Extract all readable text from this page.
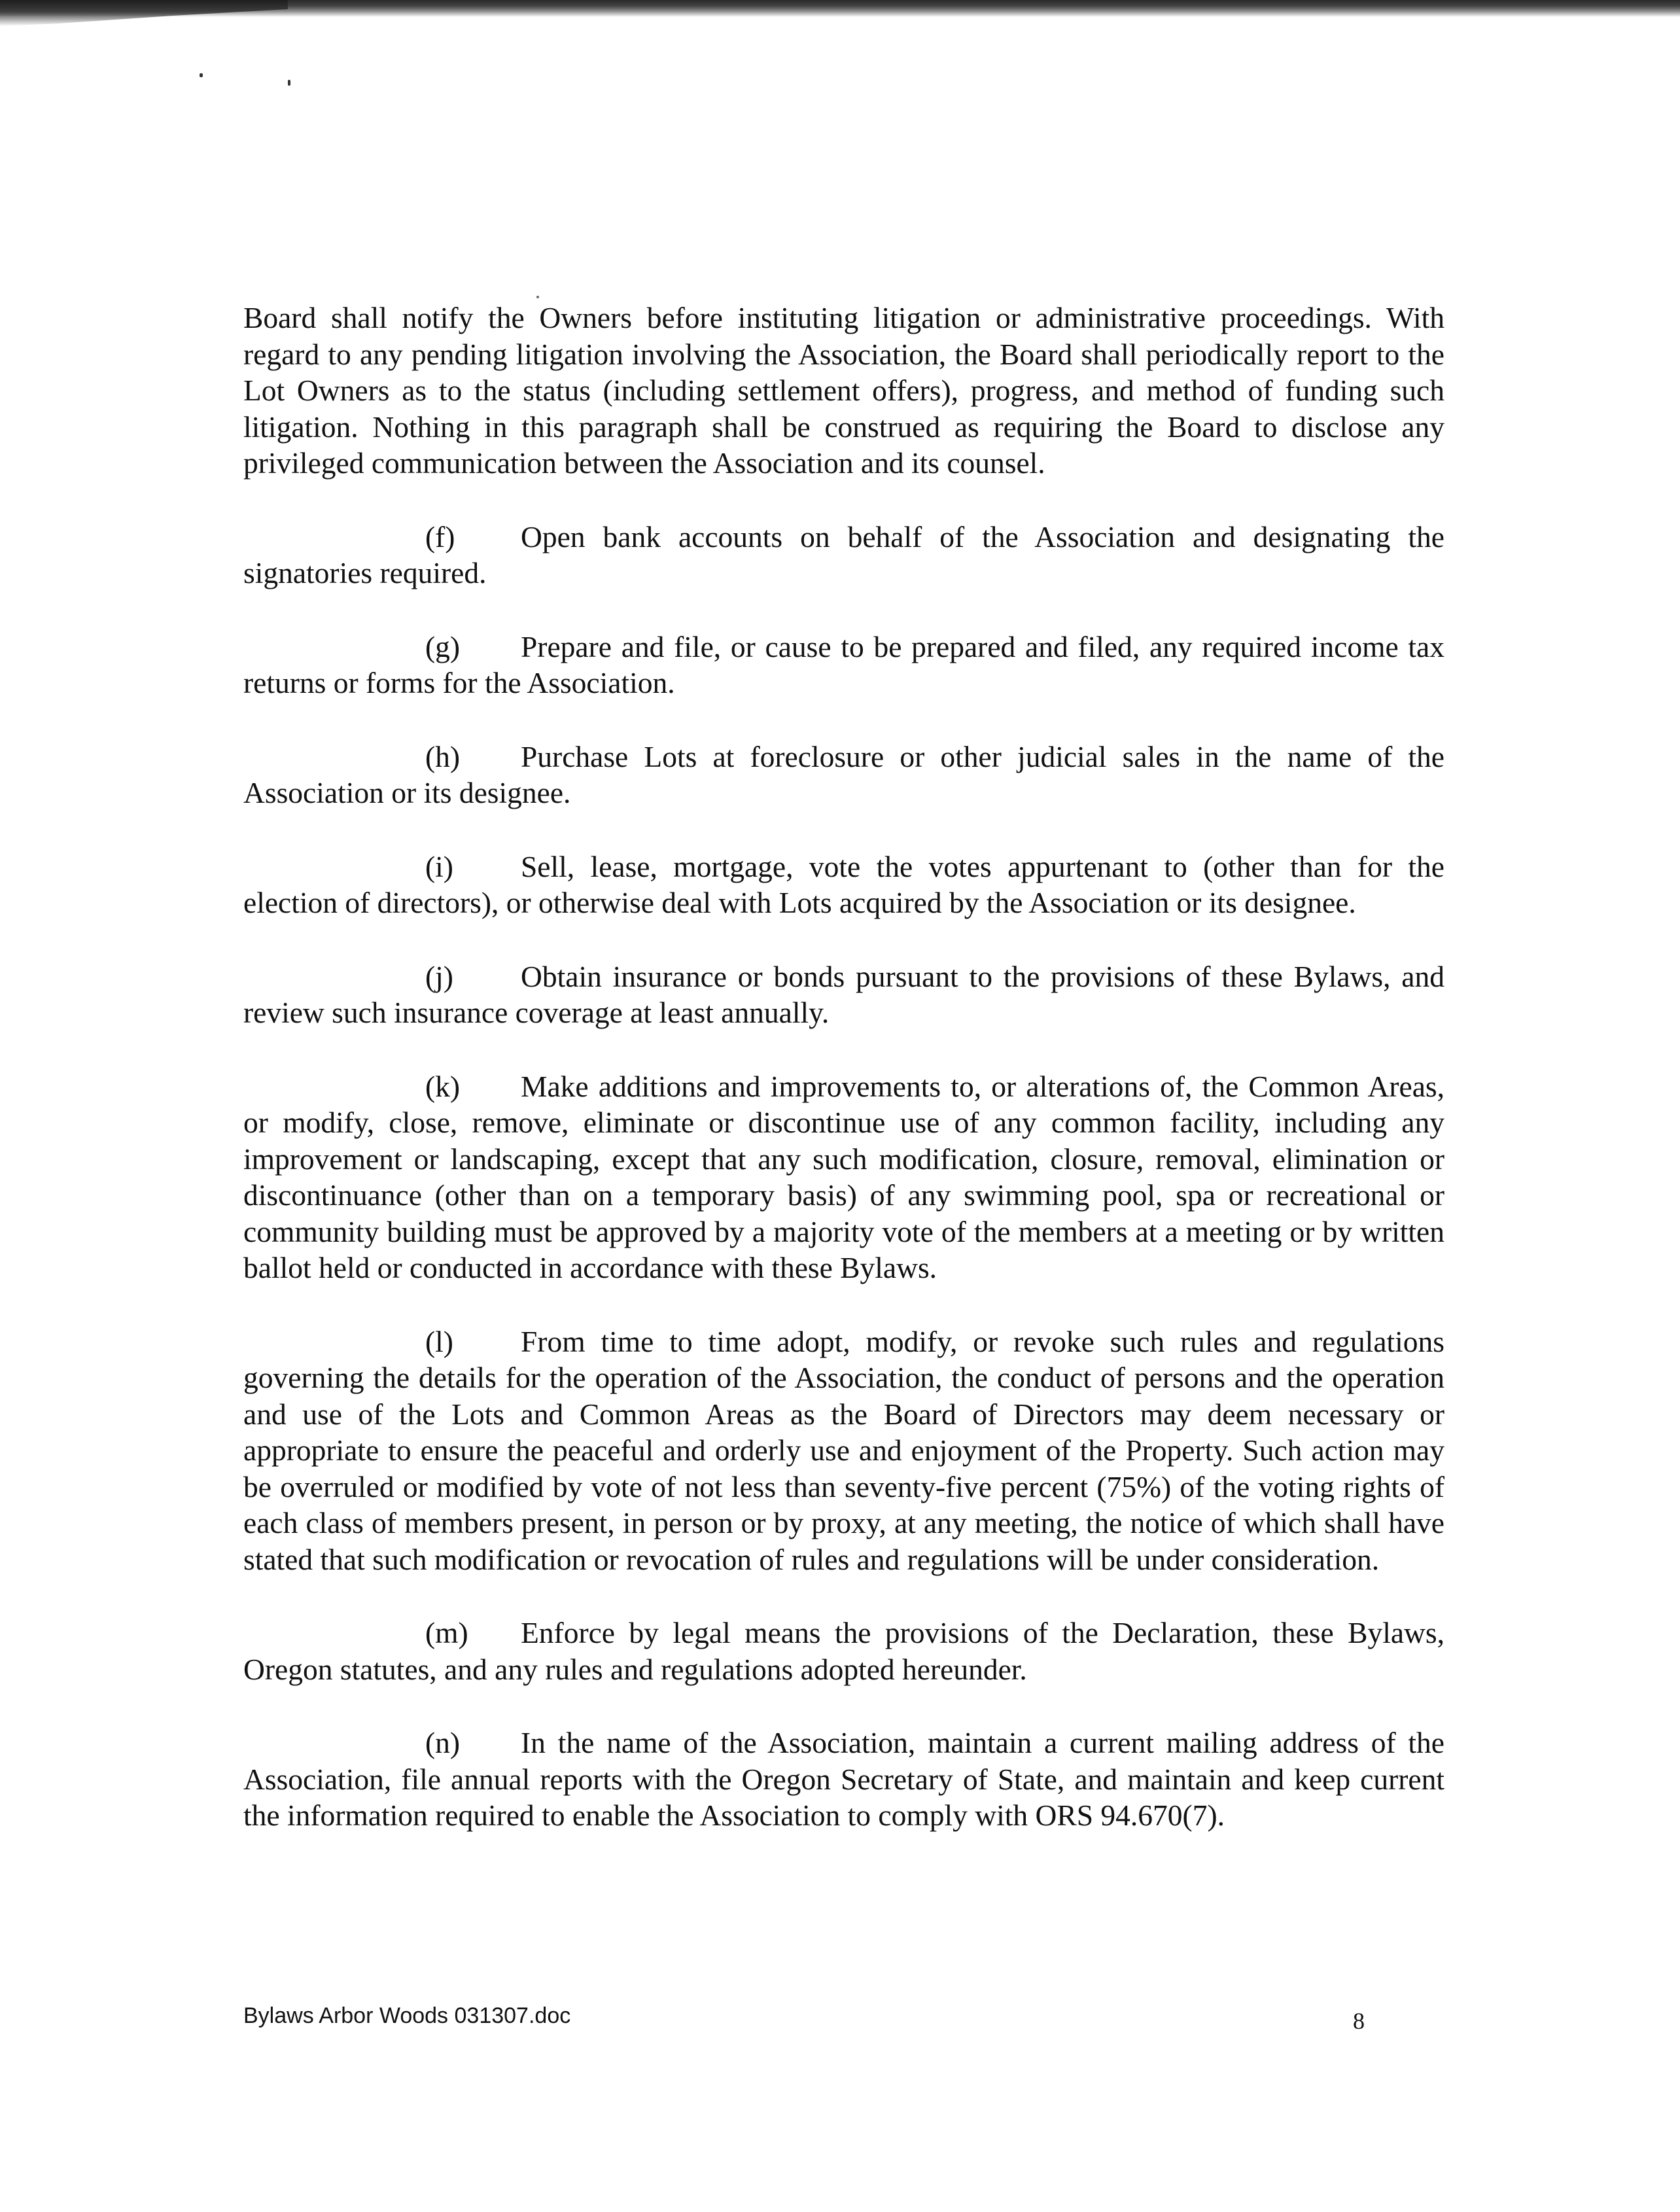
Board shall notify the Owners before instituting litigation or administrative proceedings. With regard to any pending litigation involving the Association, the Board shall periodically report to the Lot Owners as to the status (including settlement offers), progress, and method of funding such litigation. Nothing in this paragraph shall be construed as requiring the Board to disclose any privileged communication between the Association and its counsel.

(f) Open bank accounts on behalf of the Association and designating the signatories required.

(g) Prepare and file, or cause to be prepared and filed, any required income tax returns or forms for the Association.

(h) Purchase Lots at foreclosure or other judicial sales in the name of the Association or its designee.

(i) Sell, lease, mortgage, vote the votes appurtenant to (other than for the election of directors), or otherwise deal with Lots acquired by the Association or its designee.

(j) Obtain insurance or bonds pursuant to the provisions of these Bylaws, and review such insurance coverage at least annually.

(k) Make additions and improvements to, or alterations of, the Common Areas, or modify, close, remove, eliminate or discontinue use of any common facility, including any improvement or landscaping, except that any such modification, closure, removal, elimination or discontinuance (other than on a temporary basis) of any swimming pool, spa or recreational or community building must be approved by a majority vote of the members at a meeting or by written ballot held or conducted in accordance with these Bylaws.

(l) From time to time adopt, modify, or revoke such rules and regulations governing the details for the operation of the Association, the conduct of persons and the operation and use of the Lots and Common Areas as the Board of Directors may deem necessary or appropriate to ensure the peaceful and orderly use and enjoyment of the Property. Such action may be overruled or modified by vote of not less than seventy-five percent (75%) of the voting rights of each class of members present, in person or by proxy, at any meeting, the notice of which shall have stated that such modification or revocation of rules and regulations will be under consideration.

(m) Enforce by legal means the provisions of the Declaration, these Bylaws, Oregon statutes, and any rules and regulations adopted hereunder.

(n) In the name of the Association, maintain a current mailing address of the Association, file annual reports with the Oregon Secretary of State, and maintain and keep current the information required to enable the Association to comply with ORS 94.670(7).

Bylaws Arbor Woods 031307.doc	8
